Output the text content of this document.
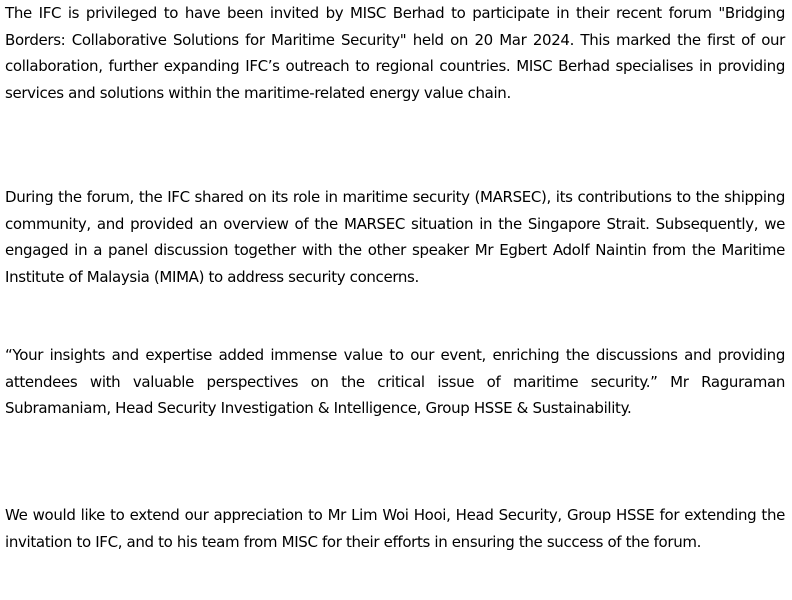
The IFC is privileged to have been invited by MISC Berhad to participate in their recent forum "Bridging Borders: Collaborative Solutions for Maritime Security" held on 20 Mar 2024. This marked the first of our collaboration, further expanding IFC’s outreach to regional countries. MISC Berhad specialises in providing services and solutions within the maritime-related energy value chain.

During the forum, the IFC shared on its role in maritime security (MARSEC), its contributions to the shipping community, and provided an overview of the MARSEC situation in the Singapore Strait. Subsequently, we engaged in a panel discussion together with the other speaker Mr Egbert Adolf Naintin from the Maritime Institute of Malaysia (MIMA) to address security concerns.

“Your insights and expertise added immense value to our event, enriching the discussions and providing attendees with valuable perspectives on the critical issue of maritime security.” Mr Raguraman Subramaniam, Head Security Investigation & Intelligence, Group HSSE & Sustainability.

We would like to extend our appreciation to Mr Lim Woi Hooi, Head Security, Group HSSE for extending the invitation to IFC, and to his team from MISC for their efforts in ensuring the success of the forum.
